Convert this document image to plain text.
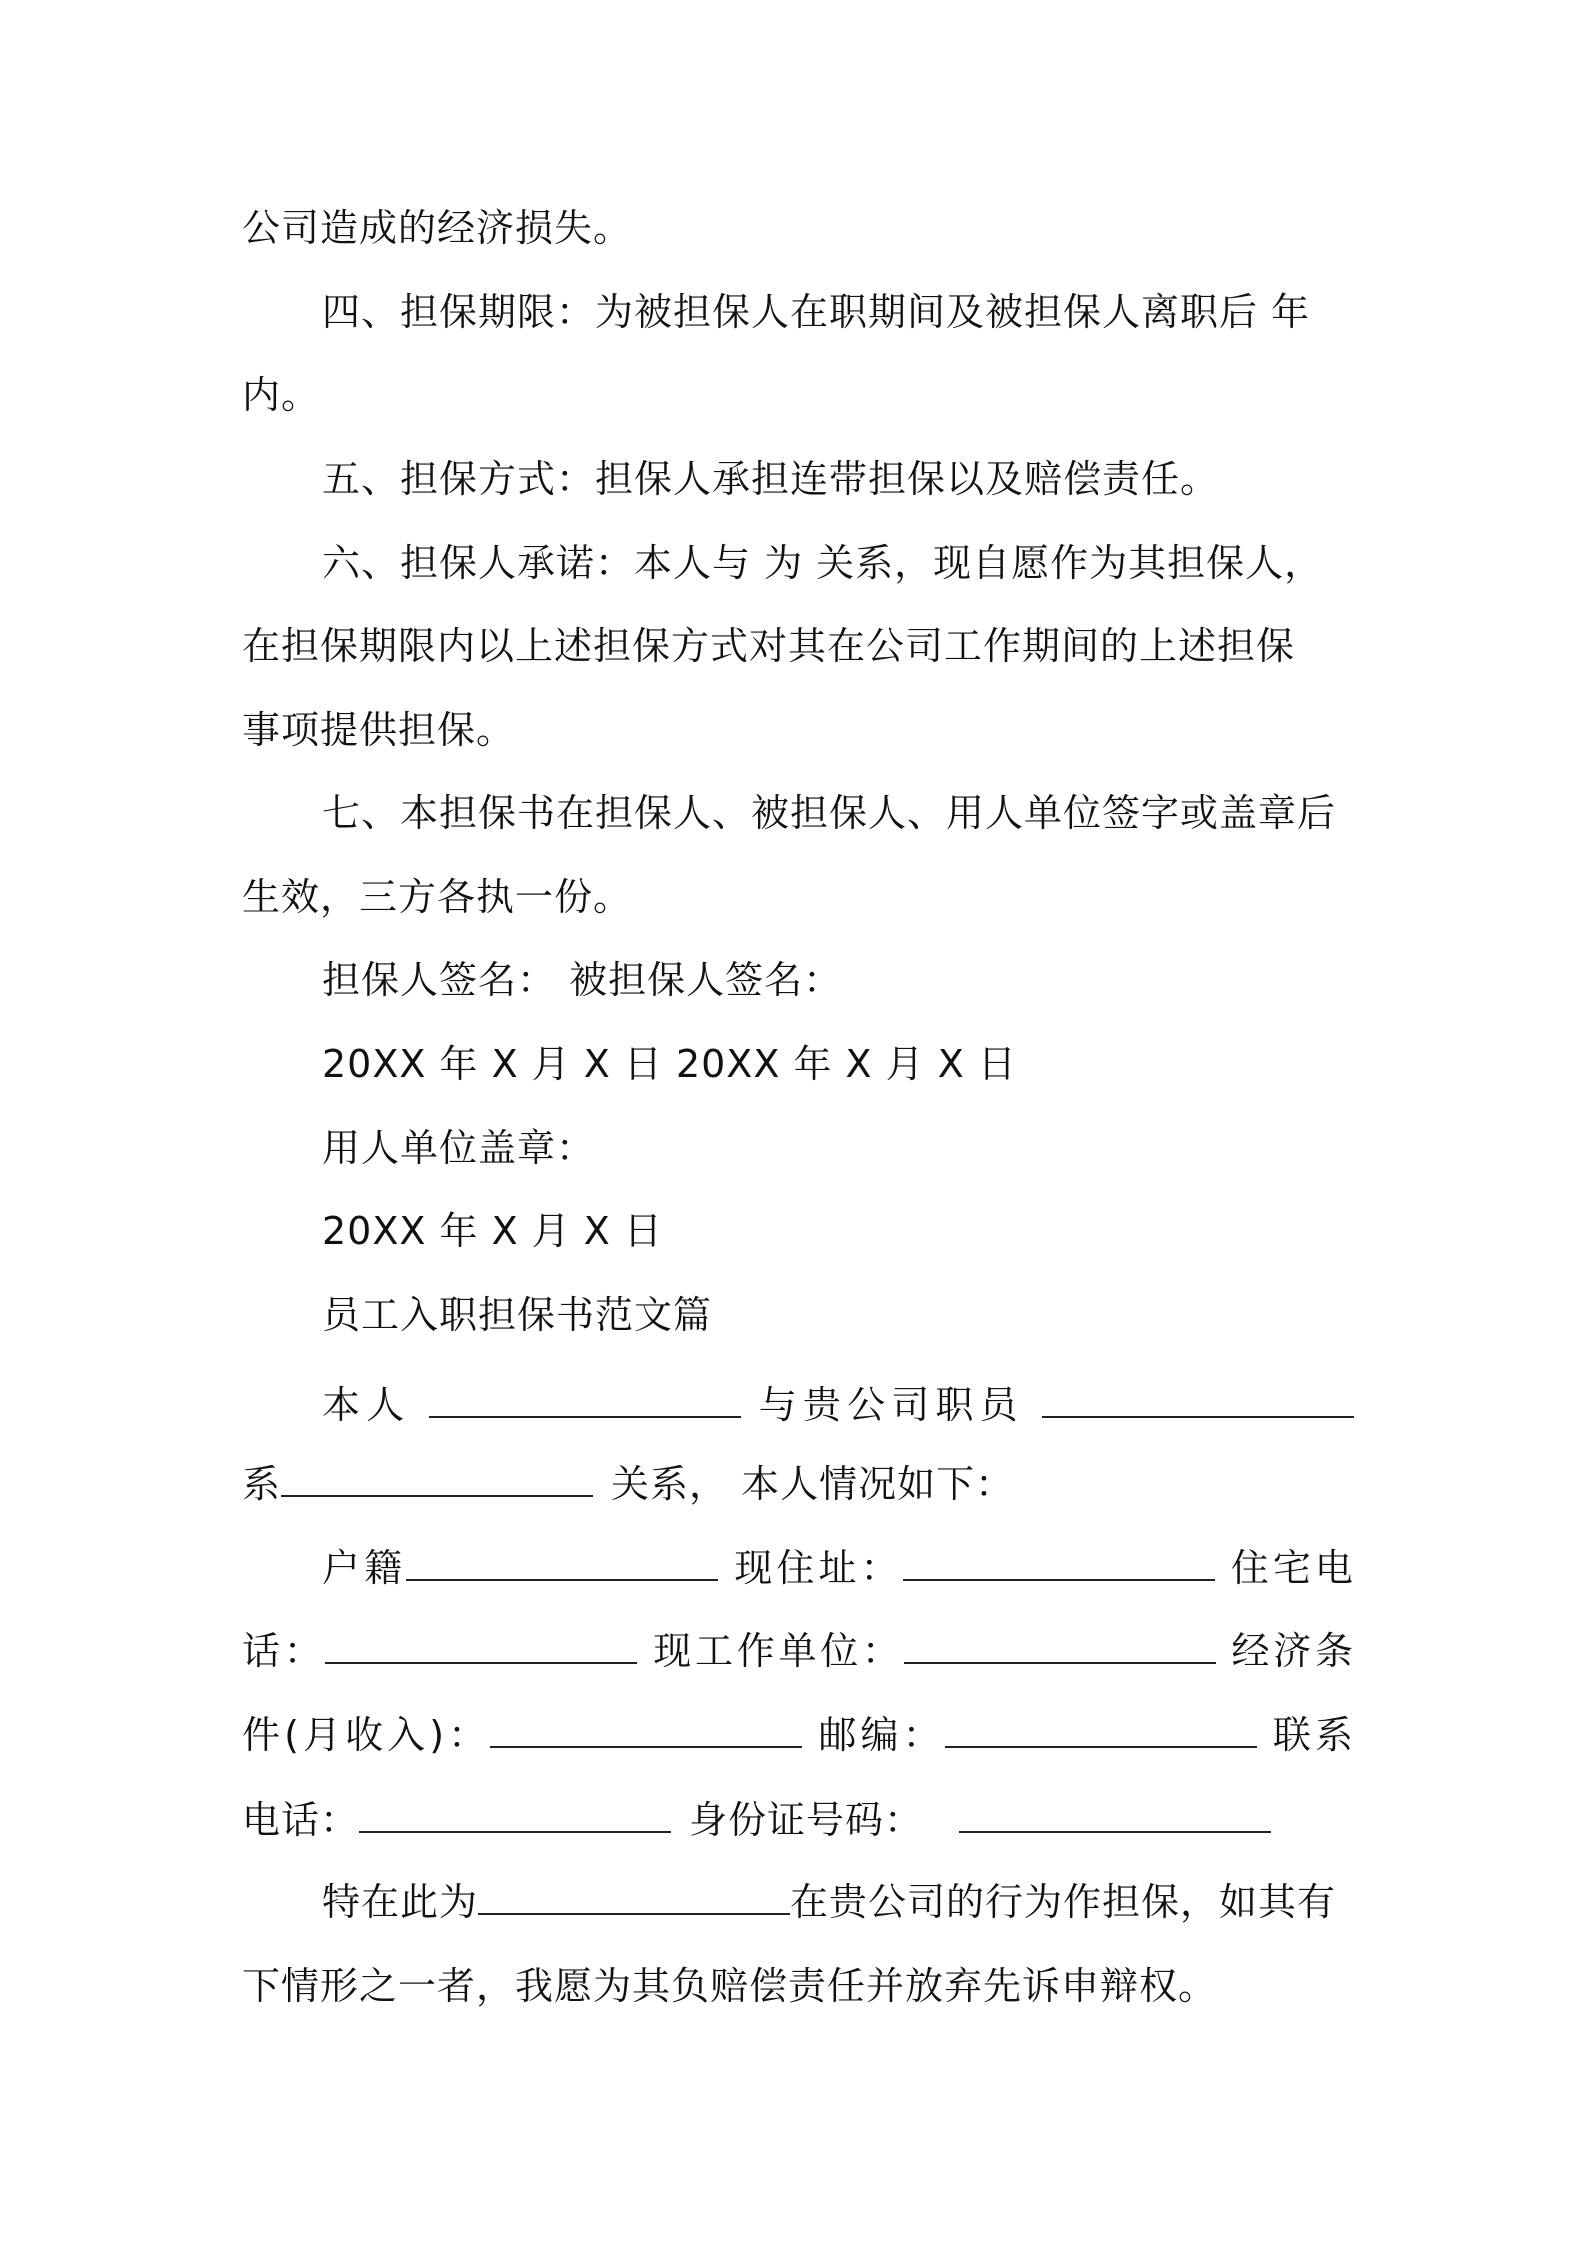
公司造成的经济损失。
四、担保期限：为被担保人在职期间及被担保人离职后 年
内。
五、担保方式：担保人承担连带担保以及赔偿责任。
六、担保人承诺：本人与 为 关系，现自愿作为其担保人，
在担保期限内以上述担保方式对其在公司工作期间的上述担保
事项提供担保。
七、本担保书在担保人、被担保人、用人单位签字或盖章后
生效，三方各执一份。
担保人签名： 被担保人签名：
20XX 年 X 月 X 日 20XX 年 X 月 X 日
用人单位盖章：
20XX 年 X 月 X 日
员工入职担保书范文篇
本人	与贵公司职员
系	关系， 本人情况如下：
户籍	现住址：	住宅电
话：	现工作单位：	经济条
件(月收入)：	邮编：	联系
电话：	身份证号码：
特在此为	在贵公司的行为作担保，如其有
下情形之一者，我愿为其负赔偿责任并放弃先诉申辩权。
